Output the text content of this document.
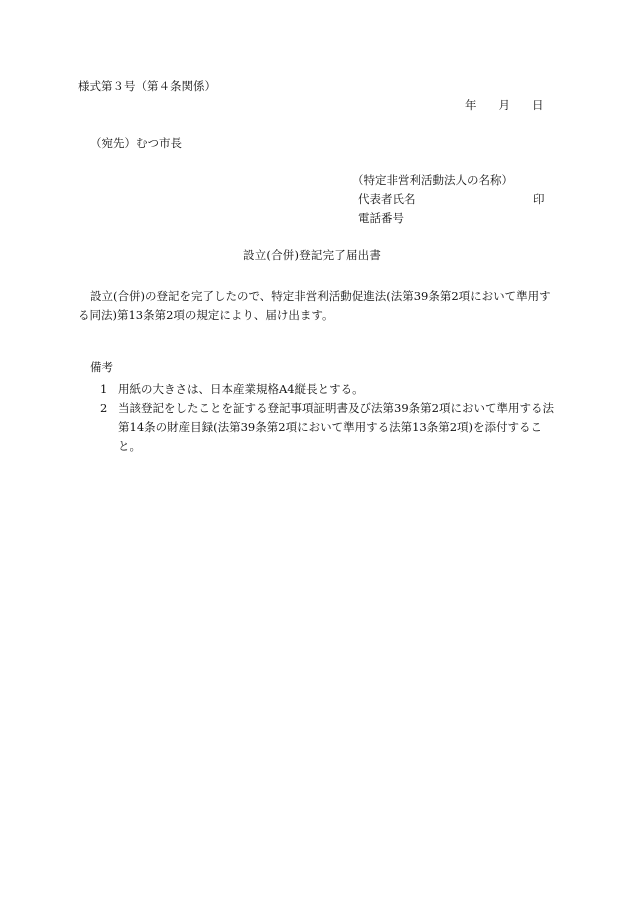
様式第３号（第４条関係）
年 月 日
（宛先）むつ市長
（特定非営利活動法人の名称）
代表者氏名	印
電話番号
設立(合併)登記完了届出書
設立(合併)の登記を完了したので、特定非営利活動促進法(法第39条第2項において準用する同法)第13条第2項の規定により、届け出ます。
備考
1 用紙の大きさは、日本産業規格A4縦長とする。
2 当該登記をしたことを証する登記事項証明書及び法第39条第2項において準用する法第14条の財産目録(法第39条第2項において準用する法第13条第2項)を添付すること。
